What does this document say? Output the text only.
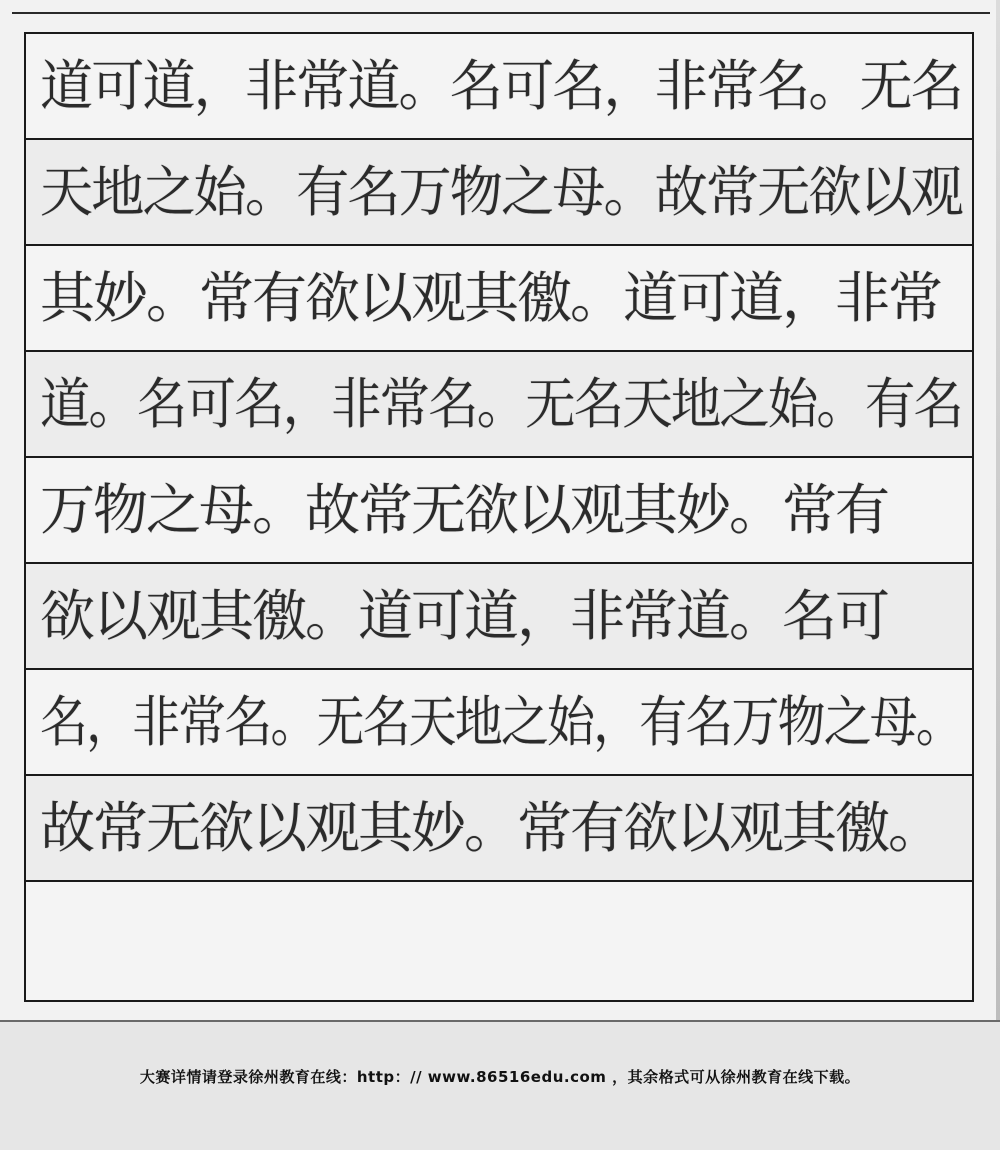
道可道，非常道。名可名，非常名。无名
天地之始。有名万物之母。故常无欲以观
其妙。常有欲以观其徼。道可道，非常
道。名可名，非常名。无名天地之始。有名
万物之母。故常无欲以观其妙。常有
欲以观其徼。道可道，非常道。名可
名，非常名。无名天地之始，有名万物之母。
故常无欲以观其妙。常有欲以观其徼。
大赛详情请登录徐州教育在线：http：// www.86516edu.com ，其余格式可从徐州教育在线下载。
